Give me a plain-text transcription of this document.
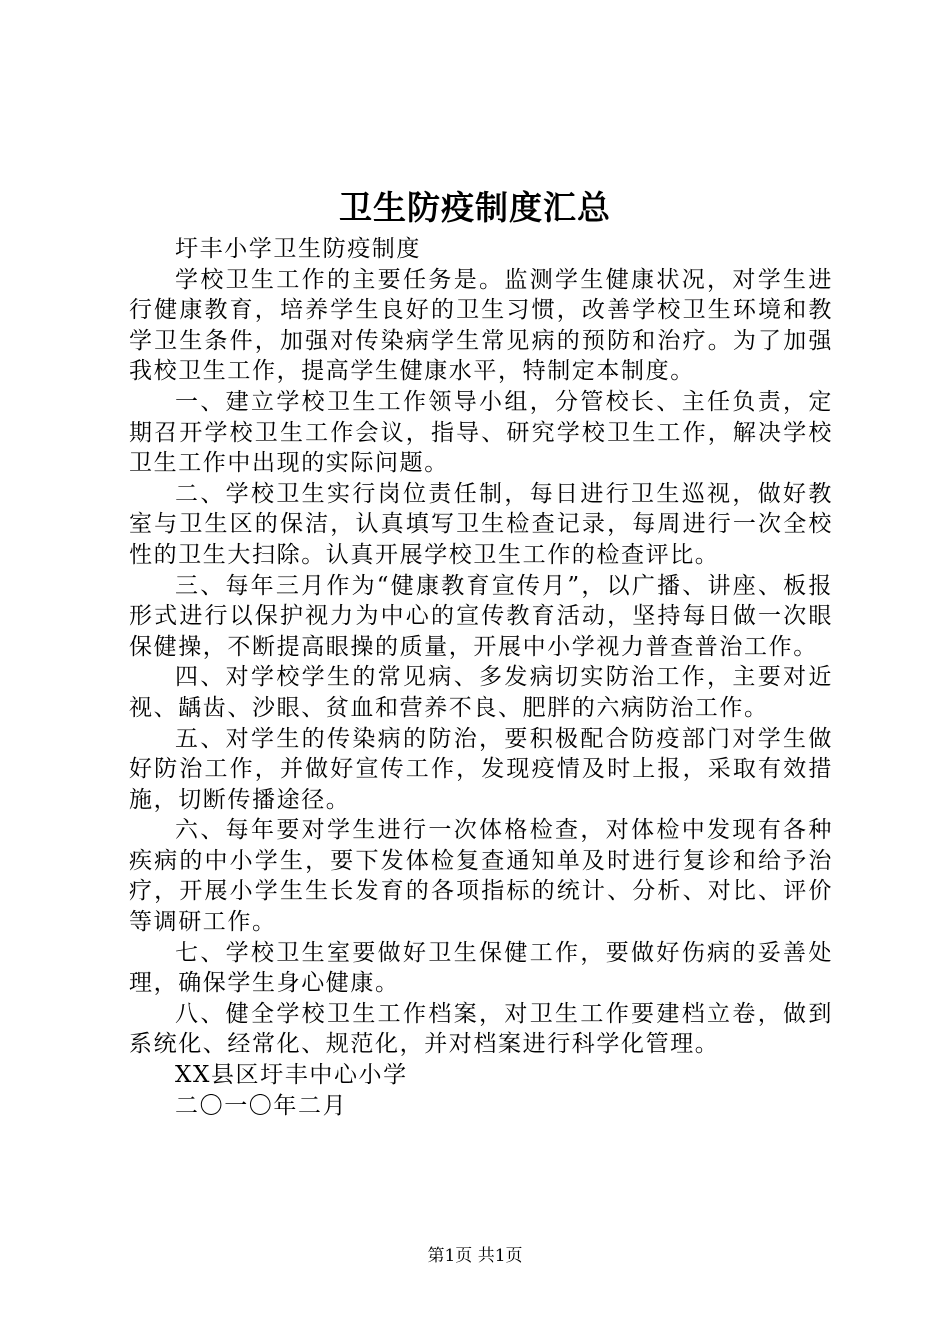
卫生防疫制度汇总

圩丰小学卫生防疫制度

学校卫生工作的主要任务是。监测学生健康状况，对学生进行健康教育，培养学生良好的卫生习惯，改善学校卫生环境和教学卫生条件，加强对传染病学生常见病的预防和治疗。为了加强我校卫生工作，提高学生健康水平，特制定本制度。

一、建立学校卫生工作领导小组，分管校长、主任负责，定期召开学校卫生工作会议，指导、研究学校卫生工作，解决学校卫生工作中出现的实际问题。

二、学校卫生实行岗位责任制，每日进行卫生巡视，做好教室与卫生区的保洁，认真填写卫生检查记录，每周进行一次全校性的卫生大扫除。认真开展学校卫生工作的检查评比。

三、每年三月作为“健康教育宣传月”，以广播、讲座、板报形式进行以保护视力为中心的宣传教育活动，坚持每日做一次眼保健操，不断提高眼操的质量，开展中小学视力普查普治工作。

四、对学校学生的常见病、多发病切实防治工作，主要对近视、龋齿、沙眼、贫血和营养不良、肥胖的六病防治工作。

五、对学生的传染病的防治，要积极配合防疫部门对学生做好防治工作，并做好宣传工作，发现疫情及时上报，采取有效措施，切断传播途径。

六、每年要对学生进行一次体格检查，对体检中发现有各种疾病的中小学生，要下发体检复查通知单及时进行复诊和给予治疗，开展小学生生长发育的各项指标的统计、分析、对比、评价等调研工作。

七、学校卫生室要做好卫生保健工作，要做好伤病的妥善处理，确保学生身心健康。

八、健全学校卫生工作档案，对卫生工作要建档立卷，做到系统化、经常化、规范化，并对档案进行科学化管理。

XX县区圩丰中心小学

二〇一〇年二月

第1页 共1页
